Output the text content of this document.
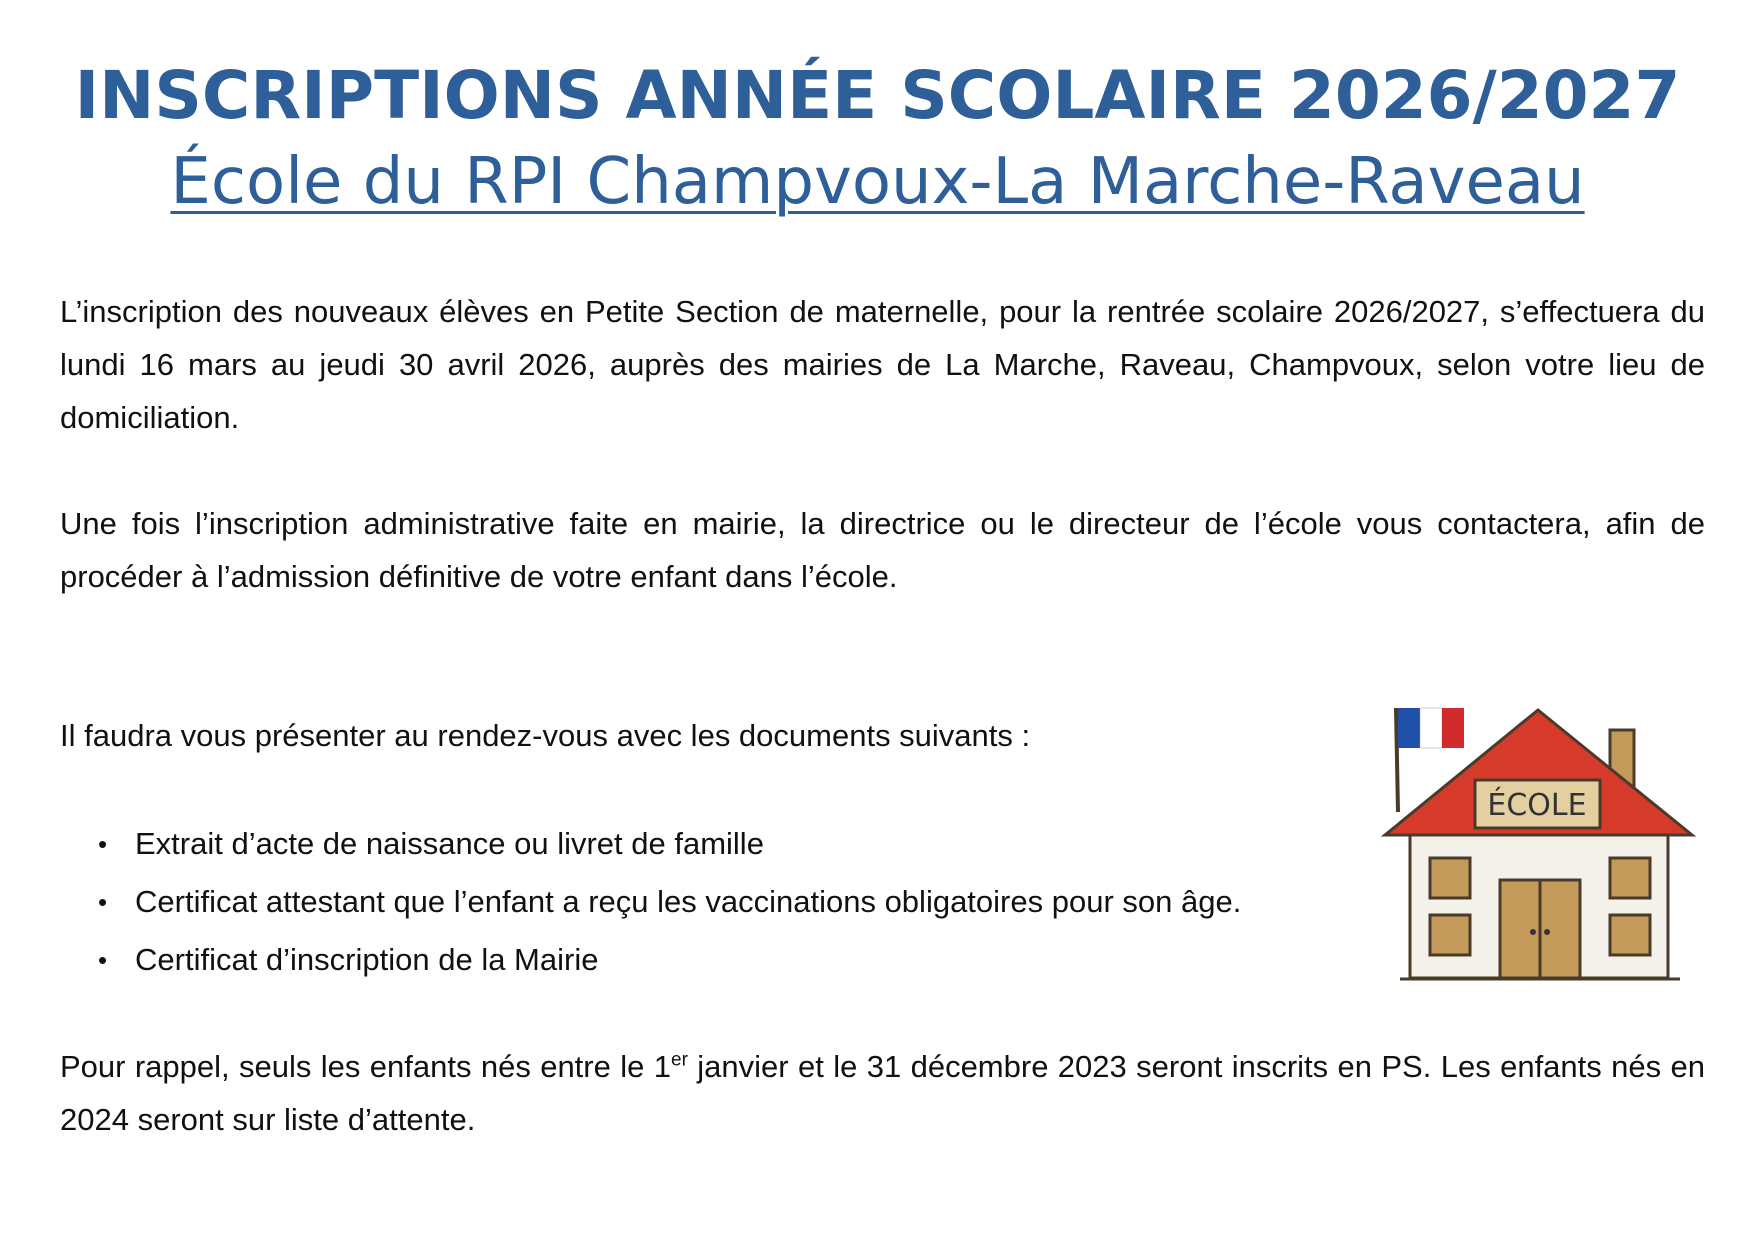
INSCRIPTIONS ANNÉE SCOLAIRE 2026/2027
École du RPI Champvoux-La Marche-Raveau
L’inscription des nouveaux élèves en Petite Section de maternelle, pour la rentrée scolaire 2026/2027, s’effectuera du lundi 16 mars au jeudi 30 avril 2026, auprès des mairies de La Marche, Raveau, Champvoux, selon votre lieu de domiciliation.
Une fois l’inscription administrative faite en mairie, la directrice ou le directeur de l’école vous contactera, afin de procéder à l’admission définitive de votre enfant dans l’école.
Il faudra vous présenter au rendez-vous avec les documents suivants :
• Extrait d’acte de naissance ou livret de famille
• Certificat attestant que l’enfant a reçu les vaccinations obligatoires pour son âge.
• Certificat d’inscription de la Mairie
Pour rappel, seuls les enfants nés entre le 1er janvier et le 31 décembre 2023 seront inscrits en PS. Les enfants nés en 2024 seront sur liste d’attente.
ÉCOLE
